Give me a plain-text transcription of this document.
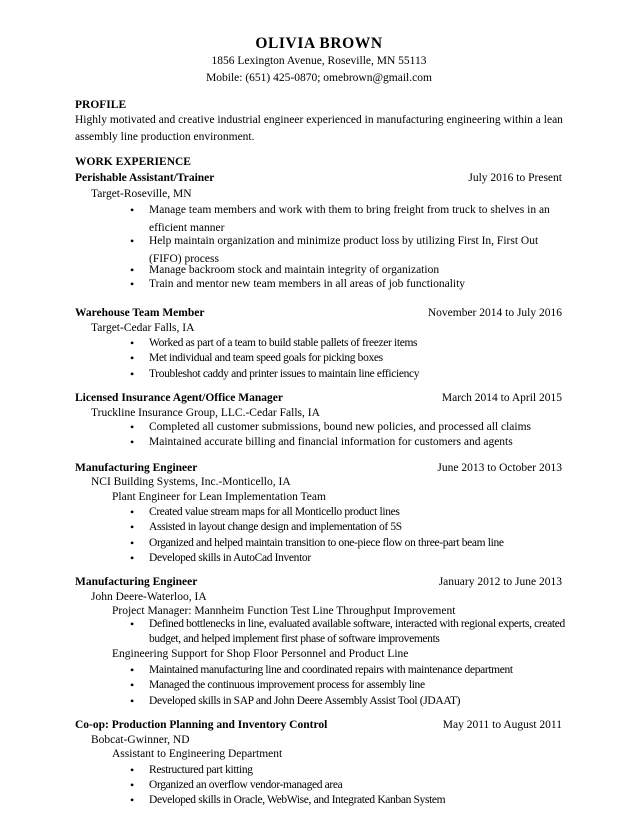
OLIVIA BROWN
1856 Lexington Avenue, Roseville, MN 55113
Mobile: (651) 425-0870; omebrown@gmail.com
PROFILE
Highly motivated and creative industrial engineer experienced in manufacturing engineering within a lean assembly line production environment.
WORK EXPERIENCE
Perishable Assistant/Trainer	July 2016 to Present
Target-Roseville, MN
• Manage team members and work with them to bring freight from truck to shelves in an efficient manner
• Help maintain organization and minimize product loss by utilizing First In, First Out (FIFO) process
• Manage backroom stock and maintain integrity of organization
• Train and mentor new team members in all areas of job functionality
Warehouse Team Member	November 2014 to July 2016
Target-Cedar Falls, IA
• Worked as part of a team to build stable pallets of freezer items
• Met individual and team speed goals for picking boxes
• Troubleshot caddy and printer issues to maintain line efficiency
Licensed Insurance Agent/Office Manager	March 2014 to April 2015
Truckline Insurance Group, LLC.-Cedar Falls, IA
• Completed all customer submissions, bound new policies, and processed all claims
• Maintained accurate billing and financial information for customers and agents
Manufacturing Engineer	June 2013 to October 2013
NCI Building Systems, Inc.-Monticello, IA
Plant Engineer for Lean Implementation Team
• Created value stream maps for all Monticello product lines
• Assisted in layout change design and implementation of 5S
• Organized and helped maintain transition to one-piece flow on three-part beam line
• Developed skills in AutoCad Inventor
Manufacturing Engineer	January 2012 to June 2013
John Deere-Waterloo, IA
Project Manager: Mannheim Function Test Line Throughput Improvement
• Defined bottlenecks in line, evaluated available software, interacted with regional experts, created budget, and helped implement first phase of software improvements
Engineering Support for Shop Floor Personnel and Product Line
• Maintained manufacturing line and coordinated repairs with maintenance department
• Managed the continuous improvement process for assembly line
• Developed skills in SAP and John Deere Assembly Assist Tool (JDAAT)
Co-op: Production Planning and Inventory Control	May 2011 to August 2011
Bobcat-Gwinner, ND
Assistant to Engineering Department
• Restructured part kitting
• Organized an overflow vendor-managed area
• Developed skills in Oracle, WebWise, and Integrated Kanban System
